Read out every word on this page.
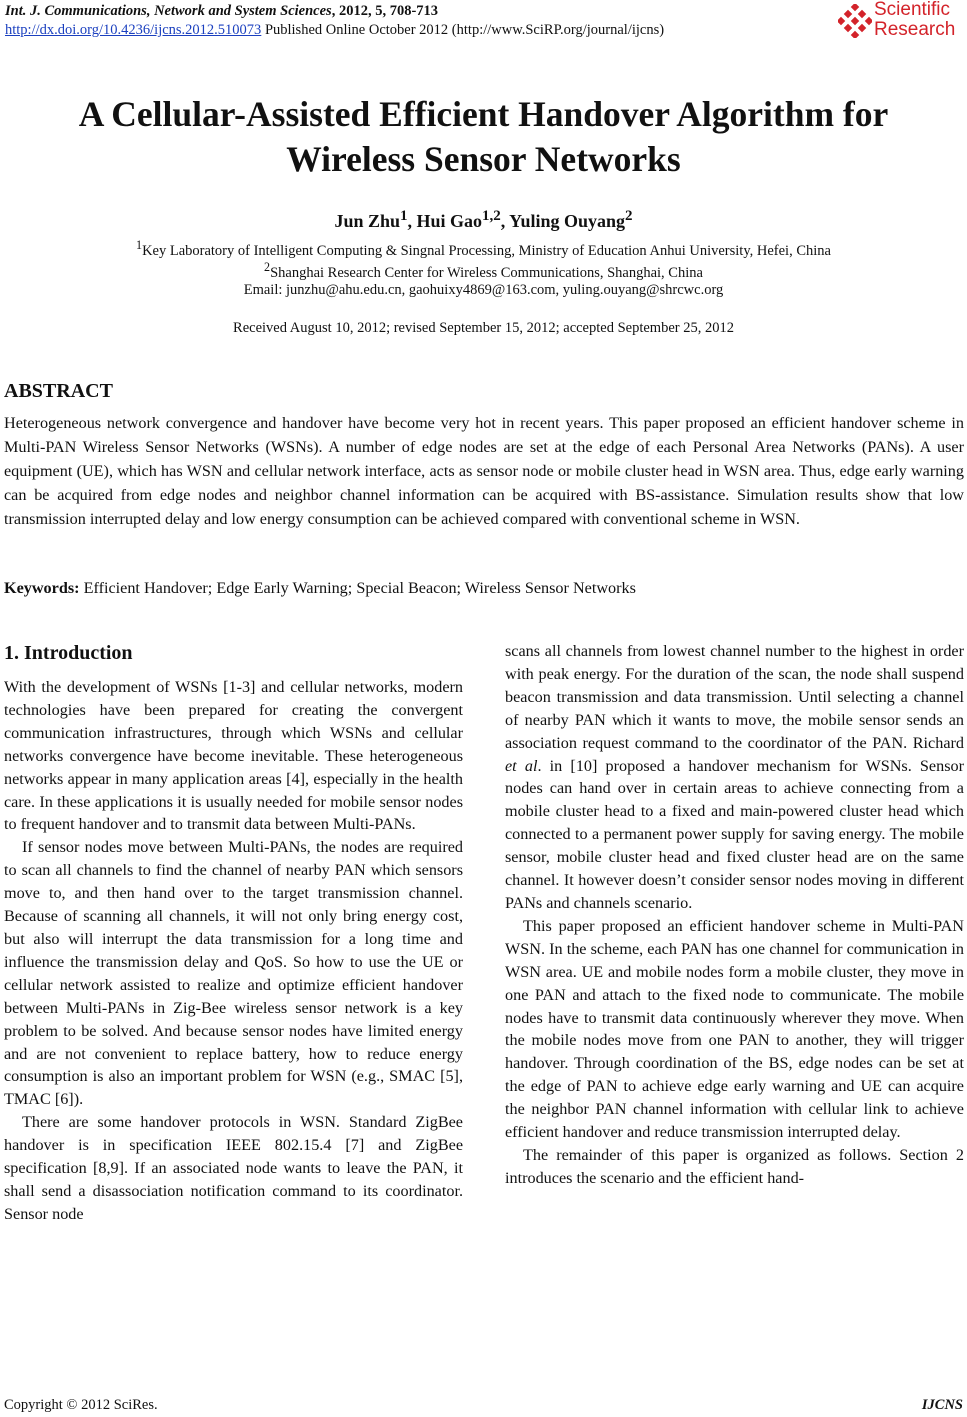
Int. J. Communications, Network and System Sciences, 2012, 5, 708-713
http://dx.doi.org/10.4236/ijcns.2012.510073 Published Online October 2012 (http://www.SciRP.org/journal/ijcns)
Scientific
Research
A Cellular-Assisted Efficient Handover Algorithm for
Wireless Sensor Networks
Jun Zhu$^1$, Hui Gao$^{1,2}$, Yuling Ouyang$^2$
$^1$Key Laboratory of Intelligent Computing & Singnal Processing, Ministry of Education Anhui University, Hefei, China
$^2$Shanghai Research Center for Wireless Communications, Shanghai, China
Email: junzhu@ahu.edu.cn, gaohuixy4869@163.com, yuling.ouyang@shrcwc.org
Received August 10, 2012; revised September 15, 2012; accepted September 25, 2012
ABSTRACT
Heterogeneous network convergence and handover have become very hot in recent years. This paper proposed an efficient handover scheme in Multi-PAN Wireless Sensor Networks (WSNs). A number of edge nodes are set at the edge of each Personal Area Networks (PANs). A user equipment (UE), which has WSN and cellular network interface, acts as sensor node or mobile cluster head in WSN area. Thus, edge early warning can be acquired from edge nodes and neighbor channel information can be acquired with BS-assistance. Simulation results show that low transmission interrupted delay and low energy consumption can be achieved compared with conventional scheme in WSN.
Keywords: Efficient Handover; Edge Early Warning; Special Beacon; Wireless Sensor Networks
1. Introduction

With the development of WSNs [1-3] and cellular networks, modern technologies have been prepared for creating the convergent communication infrastructures, through which WSNs and cellular networks convergence have become inevitable. These heterogeneous networks appear in many application areas [4], especially in the health care. In these applications it is usually needed for mobile sensor nodes to frequent handover and to transmit data between Multi-PANs.

If sensor nodes move between Multi-PANs, the nodes are required to scan all channels to find the channel of nearby PAN which sensors move to, and then hand over to the target transmission channel. Because of scanning all channels, it will not only bring energy cost, but also will interrupt the data transmission for a long time and influence the transmission delay and QoS. So how to use the UE or cellular network assisted to realize and optimize efficient handover between Multi-PANs in Zig-Bee wireless sensor network is a key problem to be solved. And because sensor nodes have limited energy and are not convenient to replace battery, how to reduce energy consumption is also an important problem for WSN (e.g., SMAC [5], TMAC [6]).

There are some handover protocols in WSN. Standard ZigBee handover is in specification IEEE 802.15.4 [7] and ZigBee specification [8,9]. If an associated node wants to leave the PAN, it shall send a disassociation notification command to its coordinator. Sensor node

scans all channels from lowest channel number to the highest in order with peak energy. For the duration of the scan, the node shall suspend beacon transmission and data transmission. Until selecting a channel of nearby PAN which it wants to move, the mobile sensor sends an association request command to the coordinator of the PAN. Richard et al. in [10] proposed a handover mechanism for WSNs. Sensor nodes can hand over in certain areas to achieve connecting from a mobile cluster head to a fixed and main-powered cluster head which connected to a permanent power supply for saving energy. The mobile sensor, mobile cluster head and fixed cluster head are on the same channel. It however doesn’t consider sensor nodes moving in different PANs and channels scenario.

This paper proposed an efficient handover scheme in Multi-PAN WSN. In the scheme, each PAN has one channel for communication in WSN area. UE and mobile nodes form a mobile cluster, they move in one PAN and attach to the fixed node to communicate. The mobile nodes have to transmit data continuously wherever they move. When the mobile nodes move from one PAN to another, they will trigger handover. Through coordination of the BS, edge nodes can be set at the edge of PAN to achieve edge early warning and UE can acquire the neighbor PAN channel information with cellular link to achieve efficient handover and reduce transmission interrupted delay.

The remainder of this paper is organized as follows. Section 2 introduces the scenario and the efficient hand-

Copyright © 2012 SciRes.	IJCNS
